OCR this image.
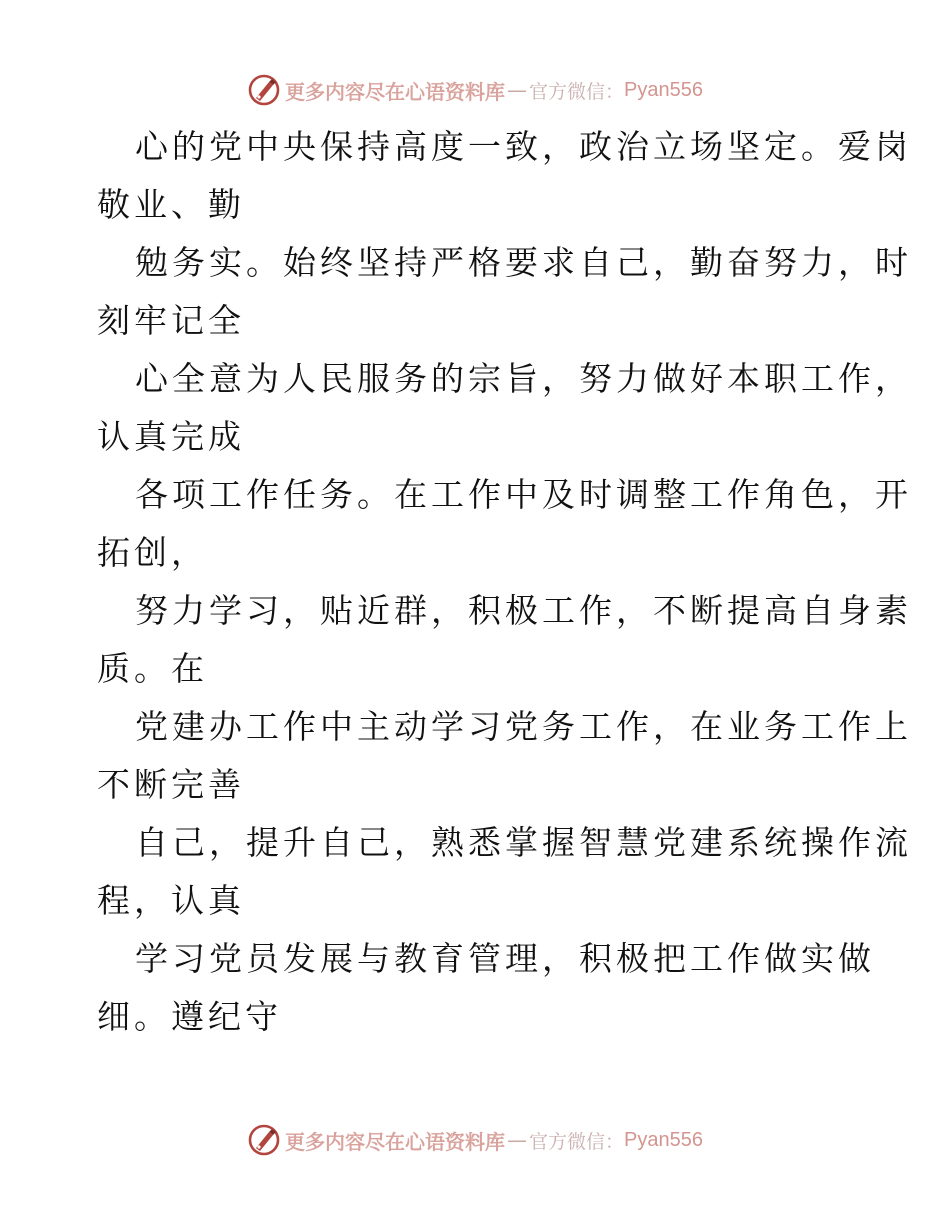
更多内容尽在心语资料库 — 官方微信： Pyan556
心的党中央保持高度一致，政治立场坚定。爱岗
敬业、勤
勉务实。始终坚持严格要求自己，勤奋努力，时
刻牢记全
心全意为人民服务的宗旨，努力做好本职工作，
认真完成
各项工作任务。在工作中及时调整工作角色，开
拓创，
努力学习，贴近群，积极工作，不断提高自身素
质。在
党建办工作中主动学习党务工作，在业务工作上
不断完善
自己，提升自己，熟悉掌握智慧党建系统操作流
程，认真
学习党员发展与教育管理，积极把工作做实做
细。遵纪守
更多内容尽在心语资料库 — 官方微信： Pyan556
